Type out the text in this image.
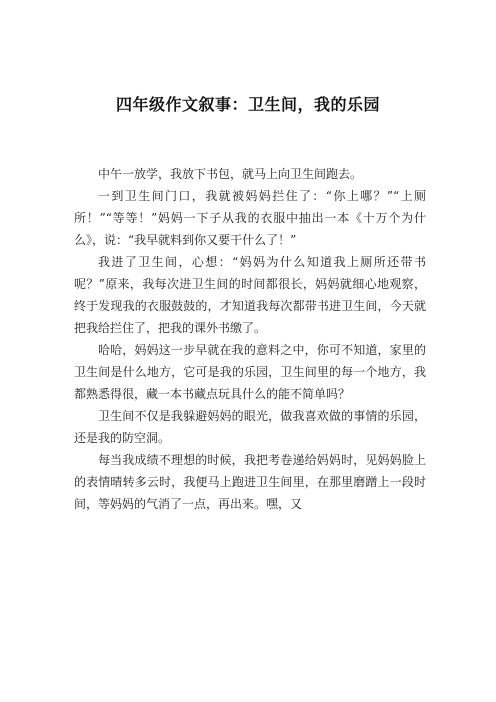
四年级作文叙事：卫生间，我的乐园

中午一放学，我放下书包，就马上向卫生间跑去。

一到卫生间门口，我就被妈妈拦住了：“你上哪？”“上厕所！”“等等！”妈妈一下子从我的衣服中抽出一本《十万个为什么》，说：“我早就料到你又要干什么了！”

我进了卫生间，心想：“妈妈为什么知道我上厕所还带书呢？”原来，我每次进卫生间的时间都很长，妈妈就细心地观察，终于发现我的衣服鼓鼓的，才知道我每次都带书进卫生间，今天就把我给拦住了，把我的课外书缴了。

哈哈，妈妈这一步早就在我的意料之中，你可不知道，家里的卫生间是什么地方，它可是我的乐园，卫生间里的每一个地方，我都熟悉得很，藏一本书藏点玩具什么的能不简单吗？

卫生间不仅是我躲避妈妈的眼光，做我喜欢做的事情的乐园，还是我的防空洞。

每当我成绩不理想的时候，我把考卷递给妈妈时，见妈妈脸上的表情晴转多云时，我便马上跑进卫生间里，在那里磨蹭上一段时间，等妈妈的气消了一点，再出来。嘿，又
